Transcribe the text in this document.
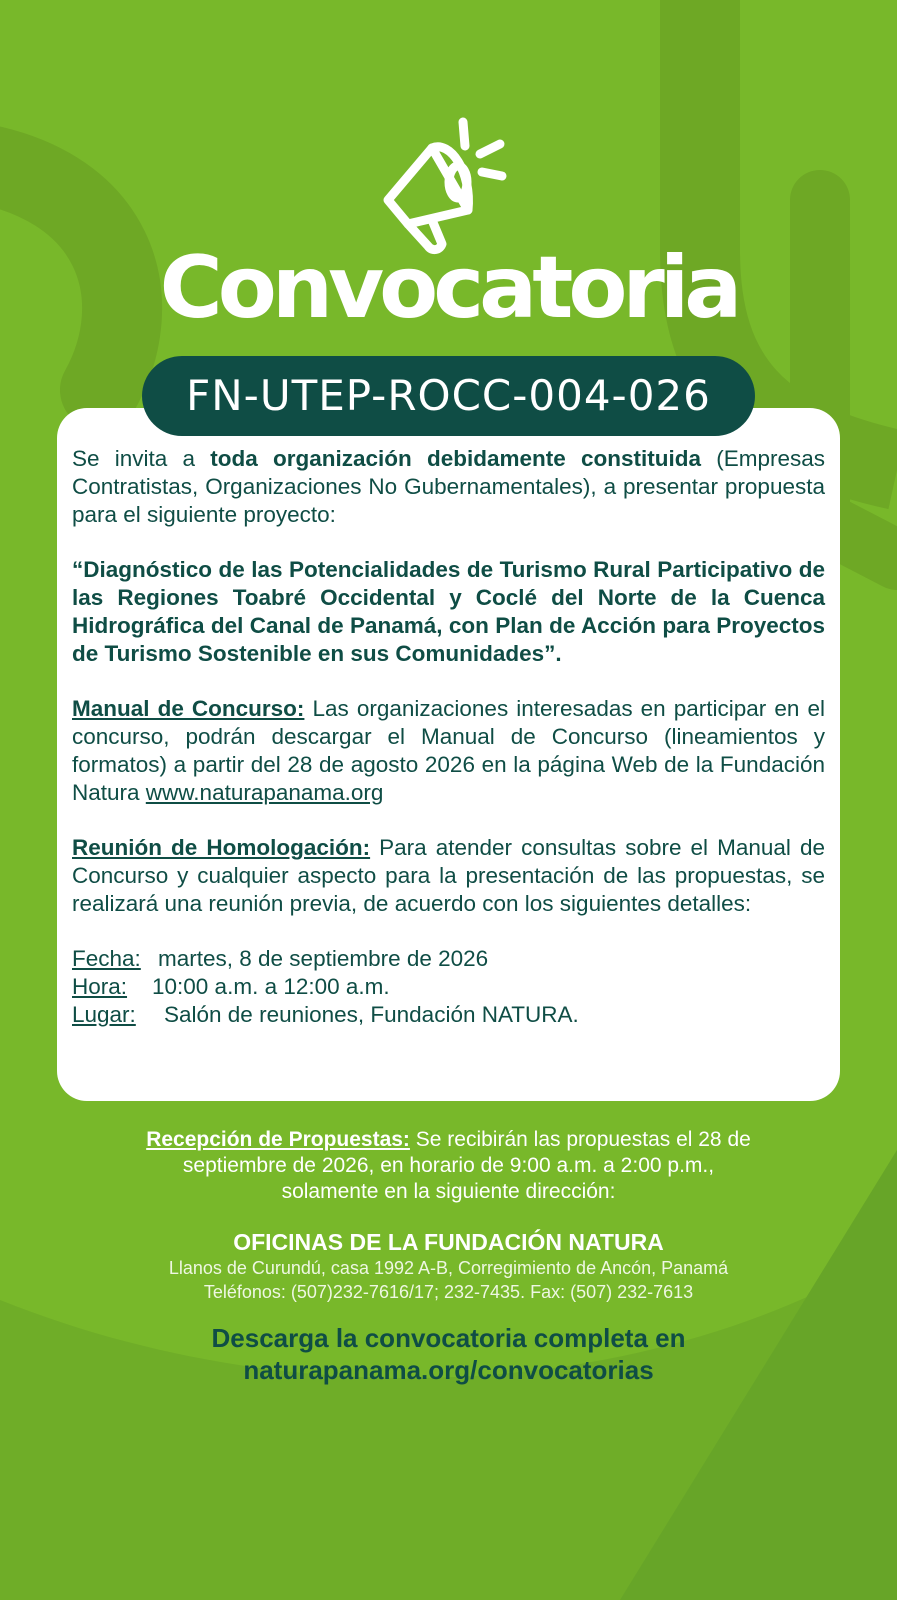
Convocatoria
FN-UTEP-ROCC-004-026

Se invita a toda organización debidamente constituida (Empresas Contratistas, Organizaciones No Gubernamentales), a presentar propuesta para el siguiente proyecto:

“Diagnóstico de las Potencialidades de Turismo Rural Participativo de las Regiones Toabré Occidental y Coclé del Norte de la Cuenca Hidrográfica del Canal de Panamá, con Plan de Acción para Proyectos de Turismo Sostenible en sus Comunidades”.

Manual de Concurso: Las organizaciones interesadas en participar en el concurso, podrán descargar el Manual de Concurso (lineamientos y formatos) a partir del 28 de agosto 2026 en la página Web de la Fundación Natura www.naturapanama.org

Reunión de Homologación: Para atender consultas sobre el Manual de Concurso y cualquier aspecto para la presentación de las propuestas, se realizará una reunión previa, de acuerdo con los siguientes detalles:

Fecha: martes, 8 de septiembre de 2026
Hora: 10:00 a.m. a 12:00 a.m.
Lugar: Salón de reuniones, Fundación NATURA.
Recepción de Propuestas: Se recibirán las propuestas el 28 de
septiembre de 2026, en horario de 9:00 a.m. a 2:00 p.m.,
solamente en la siguiente dirección:
OFICINAS DE LA FUNDACIÓN NATURA
Llanos de Curundú, casa 1992 A-B, Corregimiento de Ancón, Panamá
Teléfonos: (507)232-7616/17; 232-7435. Fax: (507) 232-7613
Descarga la convocatoria completa en
naturapanama.org/convocatorias
